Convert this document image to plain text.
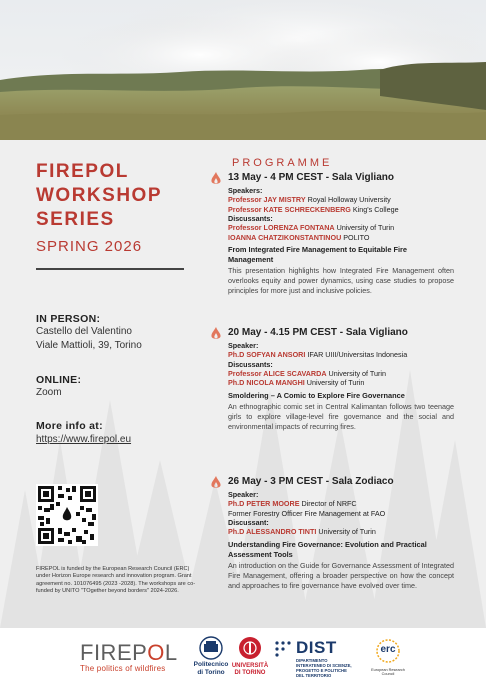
FIREPOL
WORKSHOP
SERIES
SPRING 2026
IN PERSON:
Castello del Valentino
Viale Mattioli, 39, Torino
ONLINE:
Zoom
More info at:
https://www.firepol.eu
FIREPOL is funded by the European Research Council (ERC) under Horizon Europe research and innovation program. Grant agreement no. 101076495 (2023 -2028). The workshops are co-funded by UNITO "TOgether beyond borders" 2024-2026.
PROGRAMME
13 May - 4 PM CEST - Sala Vigliano
Speakers:
Professor JAY MISTRY Royal Holloway University
Professor KATE SCHRECKENBERG King's College
Discussants:
Professor LORENZA FONTANA University of Turin
IOANNA CHATZIKONSTANTINOU POLITO
From Integrated Fire Management to Equitable Fire Management
This presentation highlights how Integrated Fire Management often overlooks equity and power dynamics, using case studies to propose principles for more just and inclusive policies.
20 May - 4.15 PM CEST - Sala Vigliano
Speaker:
Ph.D SOFYAN ANSORI IFAR UIII/Universitas Indonesia
Discussants:
Professor ALICE SCAVARDA University of Turin
Ph.D NICOLA MANGHI University of Turin
Smoldering – A Comic to Explore Fire Governance
An ethnographic comic set in Central Kalimantan follows two teenage girls to explore village-level fire governance and the social and environmental impacts of recurring fires.
26 May - 3 PM CEST - Sala Zodiaco
Speaker:
Ph.D PETER MOORE Director of NRFC
Former Forestry Officer Fire Management at FAO
Discussant:
Ph.D ALESSANDRO TINTI University of Turin
Understanding Fire Governance: Evolution and Practical Assessment Tools
An introduction on the Guide for Governance Assessment of Integrated Fire Management, offering a broader perspective on how the concept and approaches to fire governance have evolved over time.
FIREPOL
The politics of wildfires	Politecnico
di Torino
UNIVERSITÀ
DI TORINO
DIST
DIPARTIMENTO
INTERATENEO DI SCIENZE,
PROGETTO E POLITICHE
DEL TERRITORIO
erc
European Research Council
